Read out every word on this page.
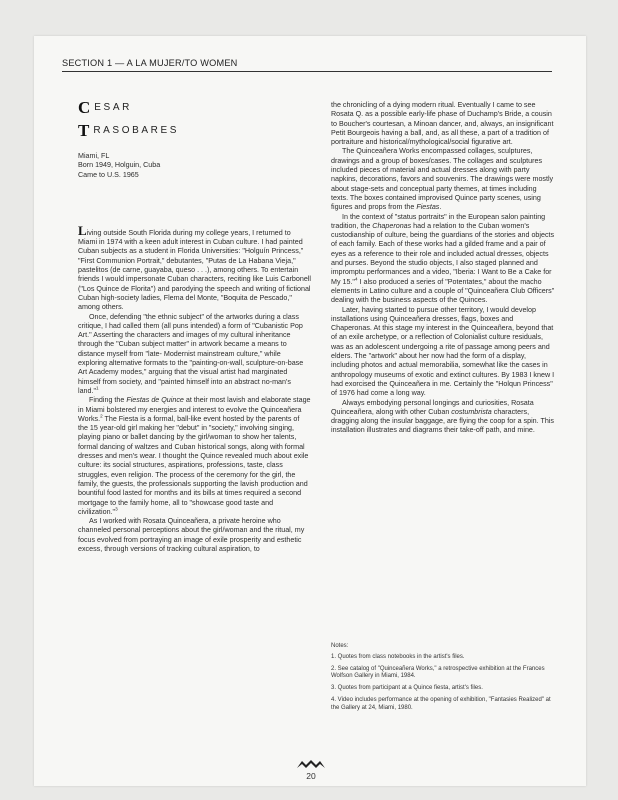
SECTION 1 — A LA MUJER/TO WOMEN
CESAR
TRASOBARES
Miami, FL
Born 1949, Holguin, Cuba
Came to U.S. 1965

Living outside South Florida during my college years, I returned to Miami in 1974 with a keen adult interest in Cuban culture. I had painted Cuban subjects as a student in Florida Universities: "Holguín Princess," "First Communion Portrait," debutantes, "Putas de La Habana Vieja," pastelitos (de carne, guayaba, queso . . .), among others. To entertain friends I would impersonate Cuban characters, reciting like Luis Carbonell ("Los Quince de Florita") and parodying the speech and writing of fictional Cuban high-society ladies, Flema del Monte, "Boquita de Pescado," among others.

Once, defending "the ethnic subject" of the artworks during a class critique, I had called them (all puns intended) a form of "Cubanistic Pop Art." Asserting the characters and images of my cultural inheritance through the "Cuban subject matter" in artwork became a means to distance myself from "late- Modernist mainstream culture," while exploring alternative formats to the "painting-on-wall, sculpture-on-base Art Academy modes," arguing that the visual artist had marginated himself from society, and "painted himself into an abstract no-man's land."$^1$

Finding the Fiestas de Quince at their most lavish and elaborate stage in Miami bolstered my energies and interest to evolve the Quinceañera Works.$^2$ The Fiesta is a formal, ball-like event hosted by the parents of the 15 year-old girl making her "debut" in "society," involving singing, playing piano or ballet dancing by the girl/woman to show her talents, formal dancing of waltzes and Cuban historical songs, along with formal dresses and men's wear. I thought the Quince revealed much about exile culture: its social structures, aspirations, professions, taste, class struggles, even religion. The process of the ceremony for the girl, the family, the guests, the professionals supporting the lavish production and bountiful food lasted for months and its bills at times required a second mortgage to the family home, all to "showcase good taste and civilization."$^3$

As I worked with Rosata Quinceañera, a private heroine who channeled personal perceptions about the girl/woman and the ritual, my focus evolved from portraying an image of exile prosperity and esthetic excess, through versions of tracking cultural aspiration, to

the chronicling of a dying modern ritual. Eventually I came to see Rosata Q. as a possible early-life phase of Duchamp's Bride, a cousin to Boucher's courtesan, a Minoan dancer, and, always, an insignificant Petit Bourgeois having a ball, and, as all these, a part of a tradition of portraiture and historical/mythological/social figurative art.

The Quinceañera Works encompassed collages, sculptures, drawings and a group of boxes/cases. The collages and sculptures included pieces of material and actual dresses along with party napkins, decorations, favors and souvenirs. The drawings were mostly about stage-sets and conceptual party themes, at times including texts. The boxes contained improvised Quince party scenes, using figures and props from the Fiestas.

In the context of "status portraits" in the European salon painting tradition, the Chaperonas had a relation to the Cuban women's custodianship of culture, being the guardians of the stories and objects of each family. Each of these works had a gilded frame and a pair of eyes as a reference to their role and included actual dresses, objects and purses. Beyond the studio objects, I also staged planned and impromptu performances and a video, "Iberia: I Want to Be a Cake for My 15."$^4$ I also produced a series of "Potentates," about the macho elements in Latino culture and a couple of "Quinceañera Club Officers" dealing with the business aspects of the Quinces.

Later, having started to pursue other territory, I would develop installations using Quinceañera dresses, flags, boxes and Chaperonas. At this stage my interest in the Quinceañera, beyond that of an exile archetype, or a reflection of Colonialist culture residuals, was as an adolescent undergoing a rite of passage among peers and elders. The "artwork" about her now had the form of a display, including photos and actual memorabilia, somewhat like the cases in anthropology museums of exotic and extinct cultures. By 1983 I knew I had exorcised the Quinceañera in me. Certainly the "Holqun Princess" of 1976 had come a long way.

Always embodying personal longings and curiosities, Rosata Quinceañera, along with other Cuban costumbrista characters, dragging along the insular baggage, are flying the coop for a spin. This installation illustrates and diagrams their take-off path, and mine.

Notes:
1. Quotes from class notebooks in the artist's files.
2. See catalog of "Quinceañera Works," a retrospective exhibition at the Frances Wolfson Gallery in Miami, 1984.
3. Quotes from participant at a Quince fiesta, artist's files.
4. Video includes performance at the opening of exhibition, "Fantasies Realized" at the Gallery at 24, Miami, 1980.
20
